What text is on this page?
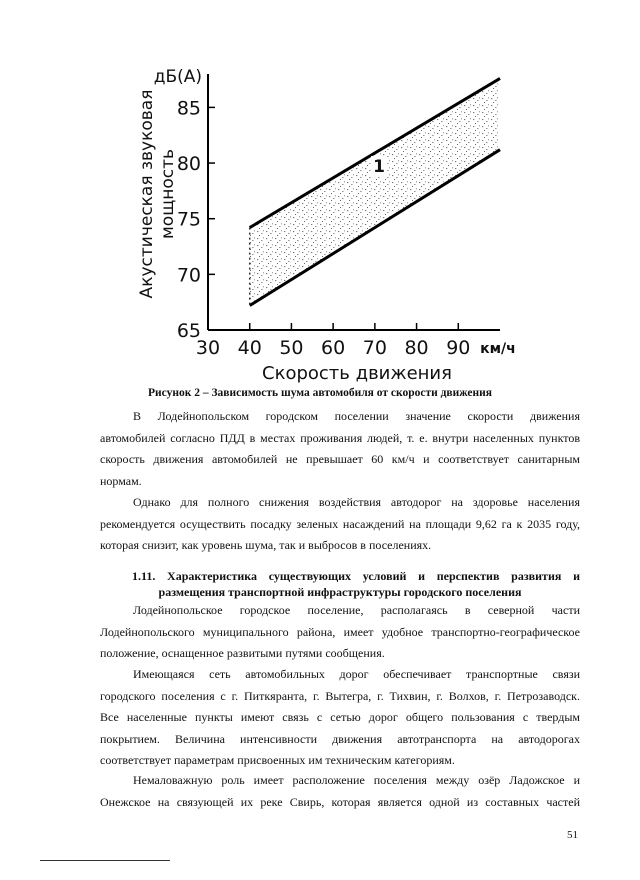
1
65
70
75
80
85
30 40 50 60 70 80 90 км/ч
дБ(А)
Скорость движения
Акустическая звуковая мощность
Рисунок 2 – Зависимость шума автомобиля от скорости движения

В Лодейнопольском городском поселении значение скорости движения
автомобилей согласно ПДД в местах проживания людей, т. е. внутри населенных пунктов
скорость движения автомобилей не превышает 60 км/ч и соответствует санитарным
нормам.

Однако для полного снижения воздействия автодорог на здоровье населения
рекомендуется осуществить посадку зеленых насаждений на площади 9,62 га к 2035 году,
которая снизит, как уровень шума, так и выбросов в поселениях.

1.11. Характеристика существующих условий и перспектив развития и
размещения транспортной инфраструктуры городского поселения

Лодейнопольское городское поселение, располагаясь в северной части
Лодейнопольского муниципального района, имеет удобное транспортно-географическое
положение, оснащенное развитыми путями сообщения.

Имеющаяся сеть автомобильных дорог обеспечивает транспортные связи
городского поселения с г. Питкяранта, г. Вытегра, г. Тихвин, г. Волхов, г. Петрозаводск.
Все населенные пункты имеют связь с сетью дорог общего пользования с твердым
покрытием. Величина интенсивности движения автотранспорта на автодорогах
соответствует параметрам присвоенных им техническим категориям.

Немаловажную роль имеет расположение поселения между озёр Ладожское и
Онежское на связующей их реке Свирь, которая является одной из составных частей

51
